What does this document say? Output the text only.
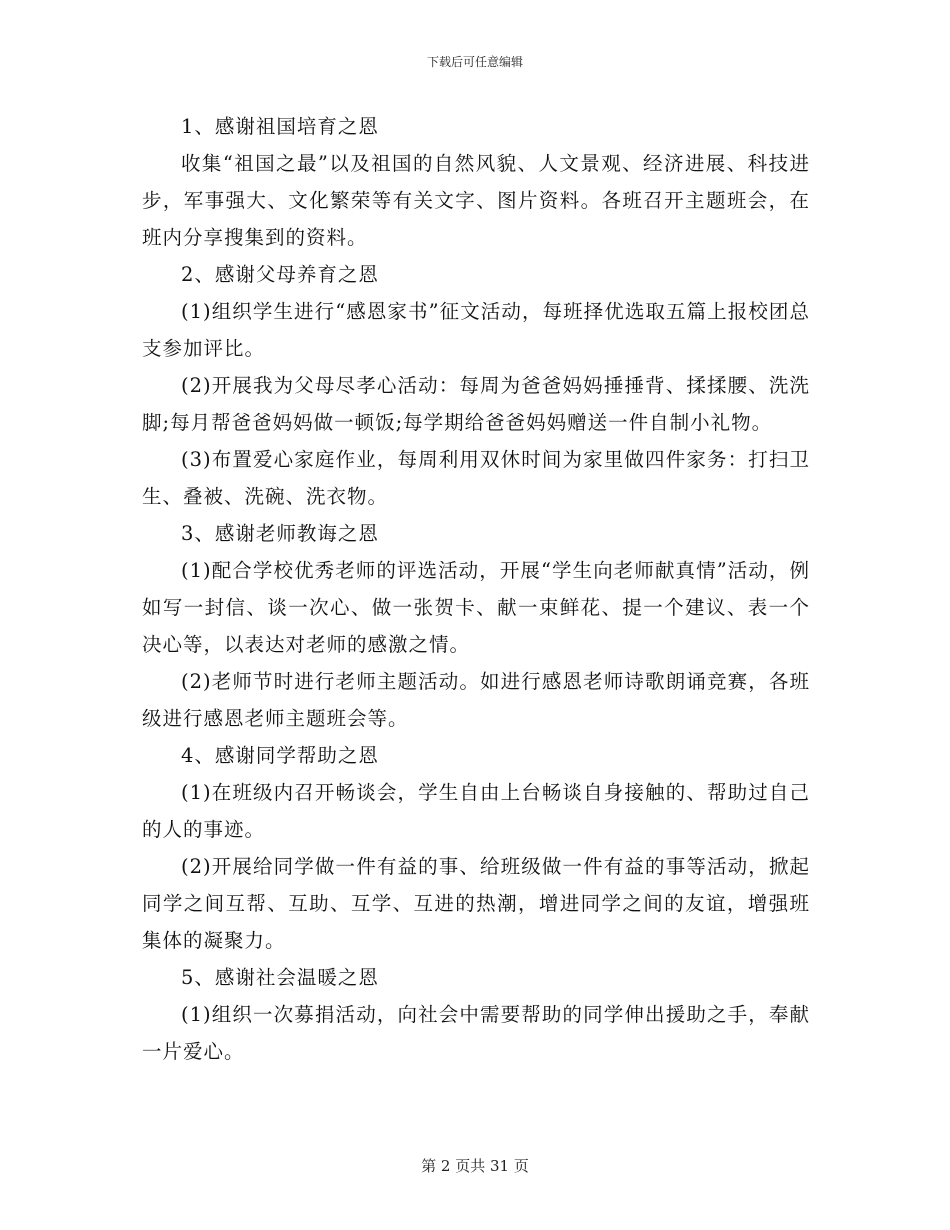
下载后可任意编辑

1、感谢祖国培育之恩

收集“祖国之最”以及祖国的自然风貌、人文景观、经济进展、科技进步，军事强大、文化繁荣等有关文字、图片资料。各班召开主题班会，在班内分享搜集到的资料。

2、感谢父母养育之恩

(1)组织学生进行“感恩家书”征文活动，每班择优选取五篇上报校团总支参加评比。

(2)开展我为父母尽孝心活动：每周为爸爸妈妈捶捶背、揉揉腰、洗洗脚;每月帮爸爸妈妈做一顿饭;每学期给爸爸妈妈赠送一件自制小礼物。

(3)布置爱心家庭作业，每周利用双休时间为家里做四件家务：打扫卫生、叠被、洗碗、洗衣物。

3、感谢老师教诲之恩

(1)配合学校优秀老师的评选活动，开展“学生向老师献真情”活动，例如写一封信、谈一次心、做一张贺卡、献一束鲜花、提一个建议、表一个决心等，以表达对老师的感激之情。

(2)老师节时进行老师主题活动。如进行感恩老师诗歌朗诵竞赛，各班级进行感恩老师主题班会等。

4、感谢同学帮助之恩

(1)在班级内召开畅谈会，学生自由上台畅谈自身接触的、帮助过自己的人的事迹。

(2)开展给同学做一件有益的事、给班级做一件有益的事等活动，掀起同学之间互帮、互助、互学、互进的热潮，增进同学之间的友谊，增强班集体的凝聚力。

5、感谢社会温暖之恩

(1)组织一次募捐活动，向社会中需要帮助的同学伸出援助之手，奉献一片爱心。

第 2 页共 31 页
